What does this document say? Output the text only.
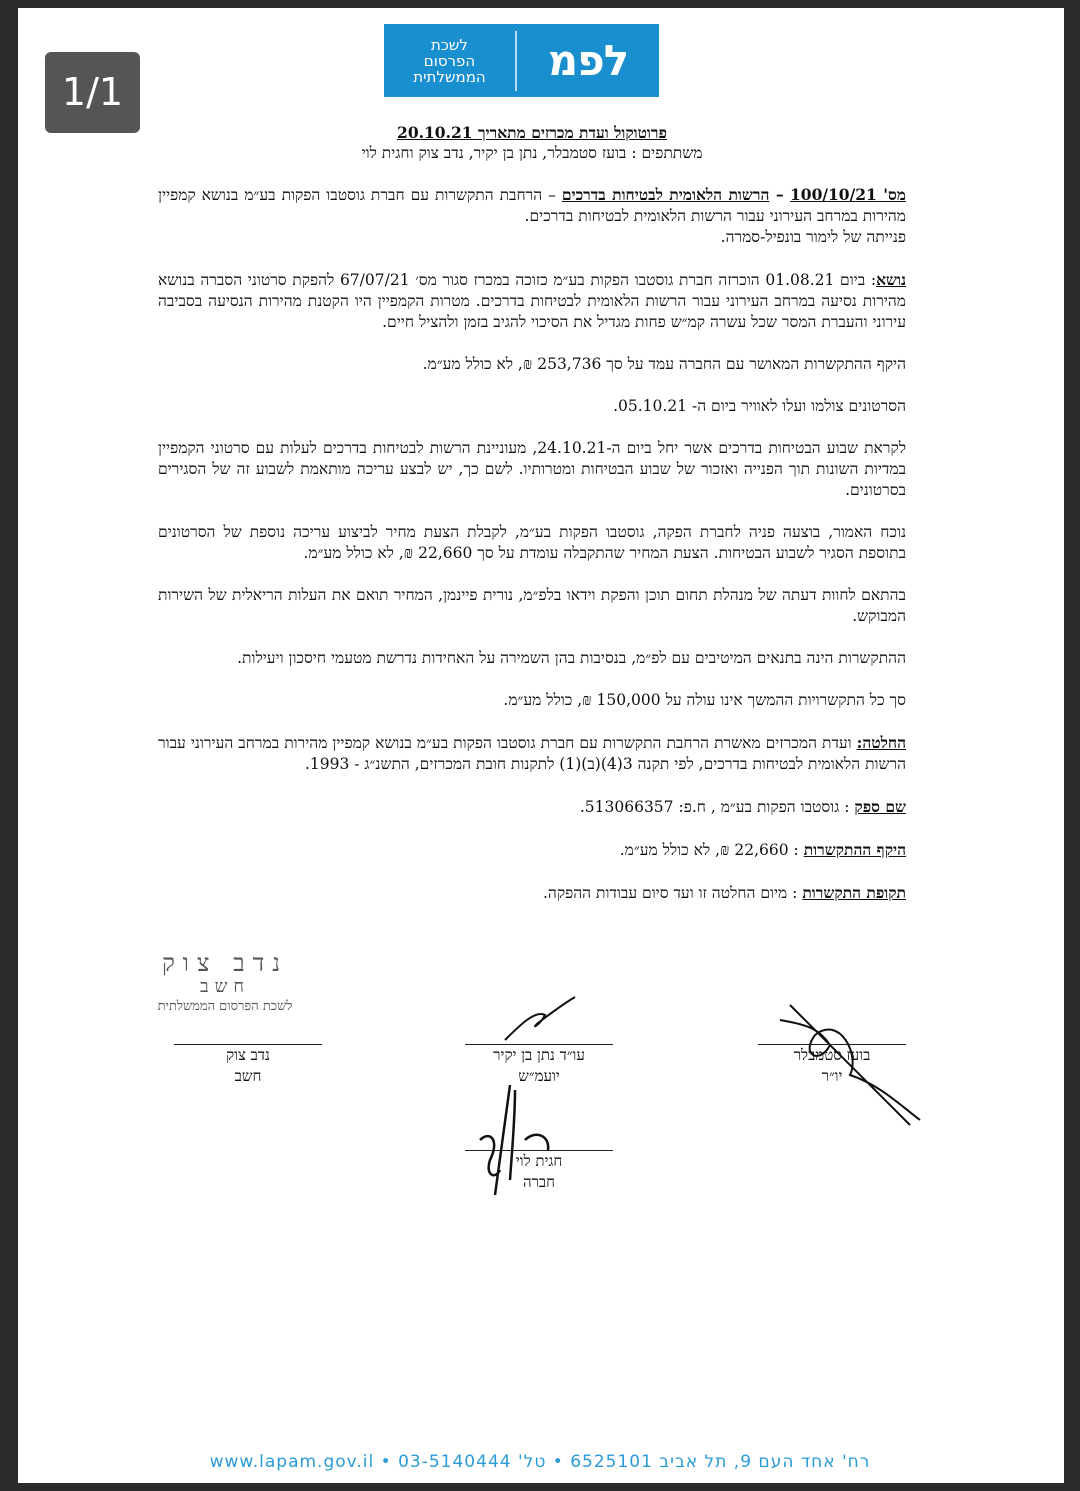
1/1
לפמ
לשכת
הפרסום
הממשלתית

פרוטוקול ועדת מכרזים מתאריך 20.10.21

משתתפים : בועז סטמבלר, נתן בן יקיר, נדב צוק וחגית לוי

מס' 100/10/21 – הרשות הלאומית לבטיחות בדרכים – הרחבת התקשרות עם חברת גוסטבו הפקות בע״מ בנושא קמפיין מהירות במרחב העירוני עבור הרשות הלאומית לבטיחות בדרכים.

פנייתה של לימור בונפיל-סמרה.

נושא: ביום 01.08.21 הוכרזה חברת גוסטבו הפקות בע״מ כזוכה במכרז סגור מס׳ 67/07/21 להפקת סרטוני הסברה בנושא מהירות נסיעה במרחב העירוני עבור הרשות הלאומית לבטיחות בדרכים. מטרות הקמפיין היו הקטנת מהירות הנסיעה בסביבה עירוני והעברת המסר שכל עשרה קמ״ש פחות מגדיל את הסיכוי להגיב בזמן ולהציל חיים.

היקף ההתקשרות המאושר עם החברה עמד על סך 253,736 ₪, לא כולל מע״מ.

הסרטונים צולמו ועלו לאוויר ביום ה- 05.10.21.

לקראת שבוע הבטיחות בדרכים אשר יחל ביום ה-24.10.21, מעוניינת הרשות לבטיחות בדרכים לעלות עם סרטוני הקמפיין במדיות השונות תוך הפנייה ואזכור של שבוע הבטיחות ומטרותיו. לשם כך, יש לבצע עריכה מותאמת לשבוע זה של הסגירים בסרטונים.

נוכח האמור, בוצעה פניה לחברת הפקה, גוסטבו הפקות בע״מ, לקבלת הצעת מחיר לביצוע עריכה נוספת של הסרטונים בתוספת הסגיר לשבוע הבטיחות. הצעת המחיר שהתקבלה עומדת על סך 22,660 ₪, לא כולל מע״מ.

בהתאם לחוות דעתה של מנהלת תחום תוכן והפקת וידאו בלפ״מ, נורית פיינמן, המחיר תואם את העלות הריאלית של השירות המבוקש.

ההתקשרות הינה בתנאים המיטיבים עם לפ״מ, בנסיבות בהן השמירה על האחידות נדרשת מטעמי חיסכון ויעילות.

סך כל התקשרויות ההמשך אינו עולה על 150,000 ₪, כולל מע״מ.

החלטה: ועדת המכרזים מאשרת הרחבת התקשרות עם חברת גוסטבו הפקות בע״מ בנושא קמפיין מהירות במרחב העירוני עבור הרשות הלאומית לבטיחות בדרכים, לפי תקנה 3(4)(ב)(1) לתקנות חובת המכרזים, התשנ״ג - 1993.

שם ספק : גוסטבו הפקות בע״מ , ח.פ: 513066357.

היקף ההתקשרות : 22,660 ₪, לא כולל מע״מ.

תקופת התקשרות : מיום החלטה זו ועד סיום עבודות ההפקה.

נדב צוק
חשב
לשכת הפרסום הממשלתית
נדב צוק
חשב
עו״ד נתן בן יקיר
יועמ״ש
בועז סטמבלר
יו״ר
חגית לוי
חברה
רח' אחד העם 9, תל אביב 6525101 • טל' 03-5140444 • www.lapam.gov.il
